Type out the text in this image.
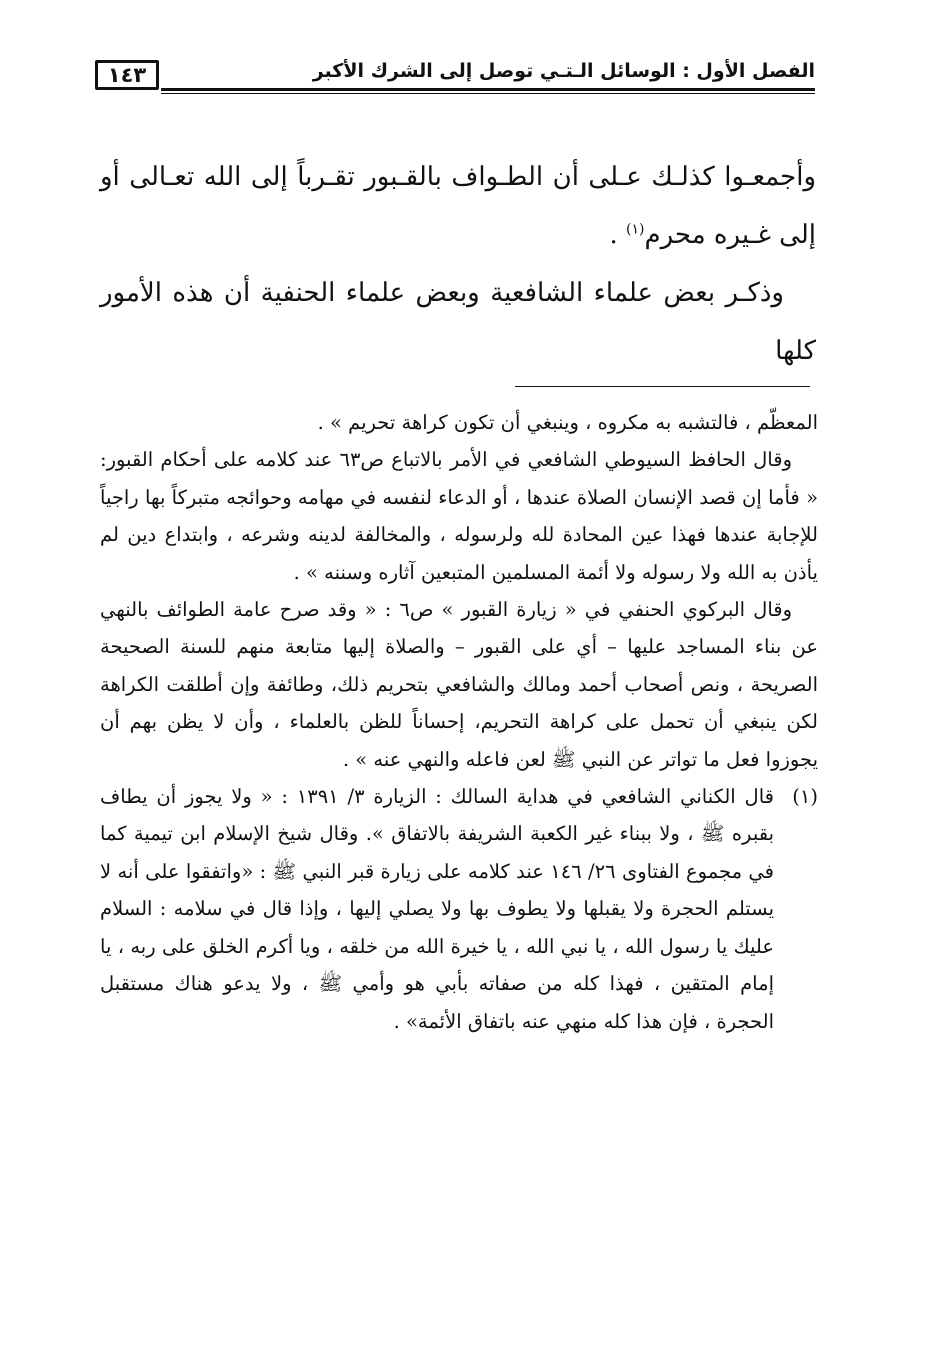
١٤٣	الفصل الأول : الوسائل الـتـي توصل إلى الشرك الأكبر

وأجمعـوا كذلـك عـلى أن الطـواف بالقـبور تقـرباً إلى الله تعـالى أو إلى غـيره محرم$^{(١)}$ .

وذكـر بعض علماء الشافعية وبعض علماء الحنفية أن هذه الأمور كلها

المعظّم ، فالتشبه به مكروه ، وينبغي أن تكون كراهة تحريم » .

وقال الحافظ السيوطي الشافعي في الأمر بالاتباع ص٦٣ عند كلامه على أحكام القبور: « فأما إن قصد الإنسان الصلاة عندها ، أو الدعاء لنفسه في مهامه وحوائجه متبركاً بها راجياً للإجابة عندها فهذا عين المحادة لله ولرسوله ، والمخالفة لدينه وشرعه ، وابتداع دين لم يأذن به الله ولا رسوله ولا أئمة المسلمين المتبعين آثاره وسننه » .

وقال البركوي الحنفي في « زيارة القبور » ص٦ : « وقد صرح عامة الطوائف بالنهي عن بناء المساجد عليها – أي على القبور – والصلاة إليها متابعة منهم للسنة الصحيحة الصريحة ، ونص أصحاب أحمد ومالك والشافعي بتحريم ذلك، وطائفة وإن أطلقت الكراهة لكن ينبغي أن تحمل على كراهة التحريم، إحساناً للظن بالعلماء ، وأن لا يظن بهم أن يجوزوا فعل ما تواتر عن النبي ﷺ لعن فاعله والنهي عنه » .

(١)
قال الكناني الشافعي في هداية السالك : الزيارة ٣/ ١٣٩١ : « ولا يجوز أن يطاف بقبره ﷺ ، ولا ببناء غير الكعبة الشريفة بالاتفاق ». وقال شيخ الإسلام ابن تيمية كما في مجموع الفتاوى ٢٦/ ١٤٦ عند كلامه على زيارة قبر النبي ﷺ : «واتفقوا على أنه لا يستلم الحجرة ولا يقبلها ولا يطوف بها ولا يصلي إليها ، وإذا قال في سلامه : السلام عليك يا رسول الله ، يا نبي الله ، يا خيرة الله من خلقه ، ويا أكرم الخلق على ربه ، يا إمام المتقين ، فهذا كله من صفاته بأبي هو وأمي ﷺ ، ولا يدعو هناك مستقبل الحجرة ، فإن هذا كله منهي عنه باتفاق الأئمة» .
